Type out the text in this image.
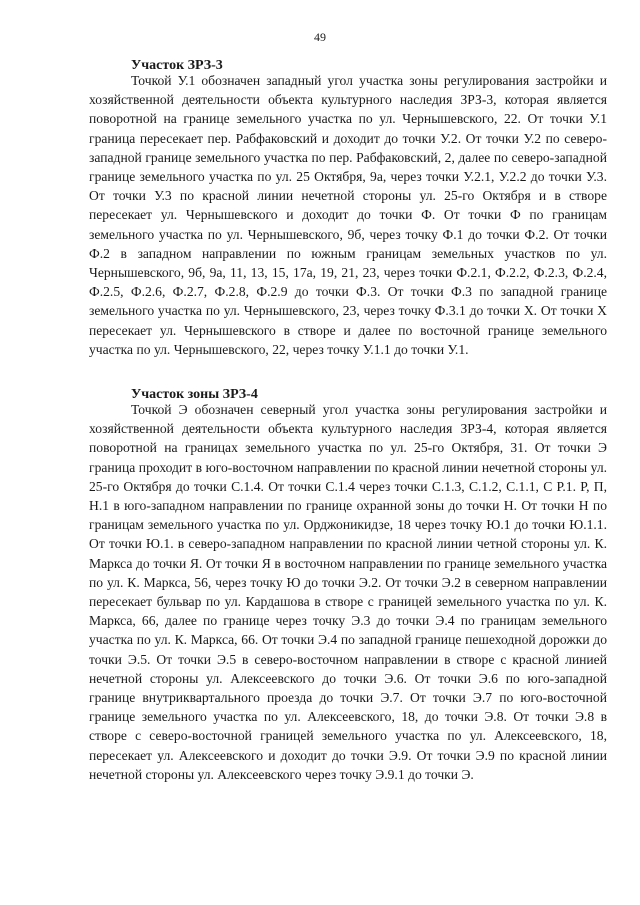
49
Участок ЗРЗ-3

Точкой У.1 обозначен западный угол участка зоны регулирования застройки и хозяйственной деятельности объекта культурного наследия ЗРЗ-3, которая является поворотной на границе земельного участка по ул. Чернышевского, 22. От точки У.1 граница пересекает пер. Рабфаковский и доходит до точки У.2. От точки У.2 по северо-западной границе земельного участка по пер. Рабфаковский, 2, далее по северо-западной границе земельного участка по ул. 25 Октября, 9а, через точки У.2.1, У.2.2 до точки У.3. От точки У.3 по красной линии нечетной стороны ул. 25-го Октября и в створе пересекает ул. Чернышевского и доходит до точки Ф. От точки Ф по границам земельного участка по ул. Чернышевского, 9б, через точку Ф.1 до точки Ф.2. От точки Ф.2 в западном направлении по южным границам земельных участков по ул. Чернышевского, 9б, 9а, 11, 13, 15, 17а, 19, 21, 23, через точки Ф.2.1, Ф.2.2, Ф.2.3, Ф.2.4, Ф.2.5, Ф.2.6, Ф.2.7, Ф.2.8, Ф.2.9 до точки Ф.3. От точки Ф.3 по западной границе земельного участка по ул. Чернышевского, 23, через точку Ф.3.1 до точки Х. От точки Х пересекает ул. Чернышевского в створе и далее по восточной границе земельного участка по ул. Чернышевского, 22, через точку У.1.1 до точки У.1.

Участок зоны ЗРЗ-4

Точкой Э обозначен северный угол участка зоны регулирования застройки и хозяйственной деятельности объекта культурного наследия ЗРЗ-4, которая является поворотной на границах земельного участка по ул. 25-го Октября, 31. От точки Э граница проходит в юго-восточном направлении по красной линии нечетной стороны ул. 25-го Октября до точки С.1.4. От точки С.1.4 через точки С.1.3, С.1.2, С.1.1, С Р.1. Р, П, Н.1 в юго-западном направлении по границе охранной зоны до точки Н. От точки Н по границам земельного участка по ул. Орджоникидзе, 18 через точку Ю.1 до точки Ю.1.1. От точки Ю.1. в северо-западном направлении по красной линии четной стороны ул. К. Маркса до точки Я. От точки Я в восточном направлении по границе земельного участка по ул. К. Маркса, 56, через точку Ю до точки Э.2. От точки Э.2 в северном направлении пересекает бульвар по ул. Кардашова в створе с границей земельного участка по ул. К. Маркса, 66, далее по границе через точку Э.3 до точки Э.4 по границам земельного участка по ул. К. Маркса, 66. От точки Э.4 по западной границе пешеходной дорожки до точки Э.5. От точки Э.5 в северо-восточном направлении в створе с красной линией нечетной стороны ул. Алексеевского до точки Э.6. От точки Э.6 по юго-западной границе внутриквартального проезда до точки Э.7. От точки Э.7 по юго-восточной границе земельного участка по ул. Алексеевского, 18, до точки Э.8. От точки Э.8 в створе с северо-восточной границей земельного участка по ул. Алексеевского, 18, пересекает ул. Алексеевского и доходит до точки Э.9. От точки Э.9 по красной линии нечетной стороны ул. Алексеевского через точку Э.9.1 до точки Э.
